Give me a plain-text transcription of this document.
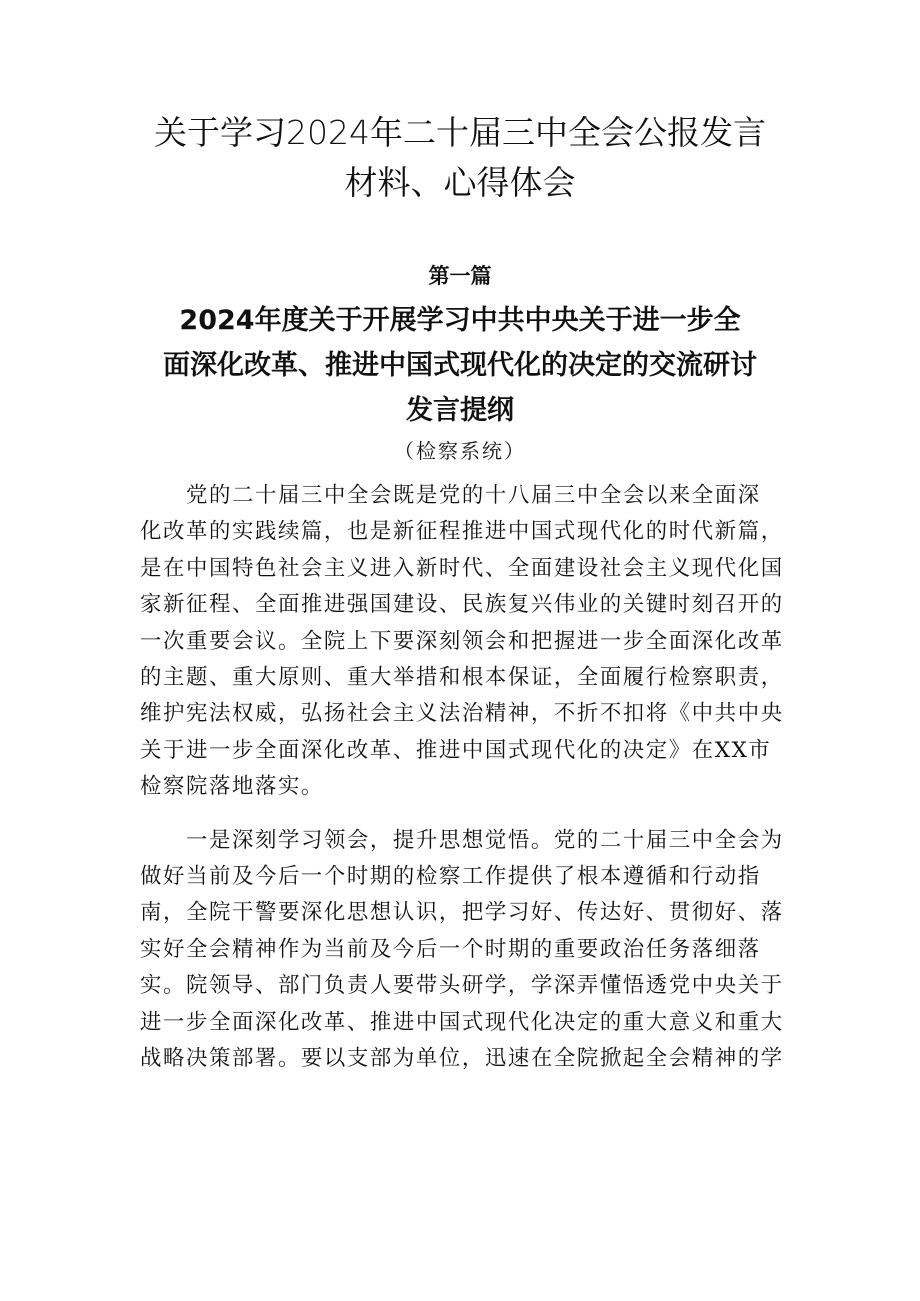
关于学习2024年二十届三中全会公报发言
材料、心得体会
第一篇
2024年度关于开展学习中共中央关于进一步全
面深化改革、推进中国式现代化的决定的交流研讨
发言提纲
（检察系统）

党的二十届三中全会既是党的十八届三中全会以来全面深
化改革的实践续篇，也是新征程推进中国式现代化的时代新篇，
是在中国特色社会主义进入新时代、全面建设社会主义现代化国
家新征程、全面推进强国建设、民族复兴伟业的关键时刻召开的
一次重要会议。全院上下要深刻领会和把握进一步全面深化改革
的主题、重大原则、重大举措和根本保证，全面履行检察职责，
维护宪法权威，弘扬社会主义法治精神，不折不扣将《中共中央
关于进一步全面深化改革、推进中国式现代化的决定》在XX市
检察院落地落实。

一是深刻学习领会，提升思想觉悟。党的二十届三中全会为
做好当前及今后一个时期的检察工作提供了根本遵循和行动指
南，全院干警要深化思想认识，把学习好、传达好、贯彻好、落
实好全会精神作为当前及今后一个时期的重要政治任务落细落
实。院领导、部门负责人要带头研学，学深弄懂悟透党中央关于
进一步全面深化改革、推进中国式现代化决定的重大意义和重大
战略决策部署。要以支部为单位，迅速在全院掀起全会精神的学
